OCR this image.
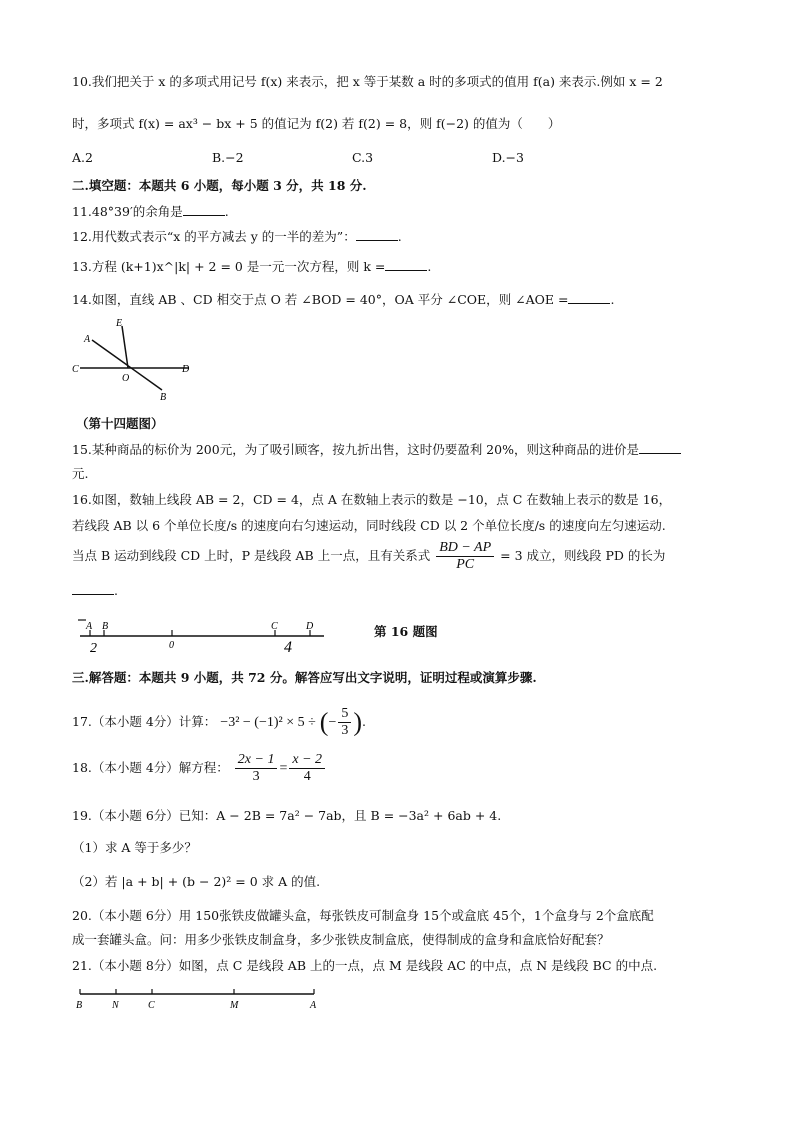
10.我们把关于 x 的多项式用记号 f(x) 来表示，把 x 等于某数 a 时的多项式的值用 f(a) 来表示.例如 x = 2
时，多项式 f(x) = ax³ − bx + 5 的值记为 f(2) 若 f(2) = 8，则 f(−2) 的值为（　　）
A.2	B.−2	C.3	D.−3
二.填空题：本题共 6 小题，每小题 3 分，共 18 分.
11.48°39′的余角是	.
12.用代数式表示“x 的平方减去 y 的一半的差为”：	.
13.方程 (k+1)x^|k| + 2 = 0 是一元一次方程，则 k =	.
14.如图，直线 AB 、CD 相交于点 O 若 ∠BOD = 40°，OA 平分 ∠COE，则 ∠AOE =	.
E
A
C
O
D
B
（第十四题图）
15.某种商品的标价为 200元，为了吸引顾客，按九折出售，这时仍要盈利 20%，则这种商品的进价是
元.
16.如图，数轴上线段 AB = 2，CD = 4，点 A 在数轴上表示的数是 −10，点 C 在数轴上表示的数是 16，
若线段 AB 以 6 个单位长度/s 的速度向右匀速运动，同时线段 CD 以 2 个单位长度/s 的速度向左匀速运动.
当点 B 运动到线段 CD 上时，P 是线段 AB 上一点，且有关系式 $\frac{BD - AP}{PC} = 3$ 成立，则线段 PD 的长为
.
A B
0
C	D
2	4
第 16 题图
三.解答题：本题共 9 小题，共 72 分。解答应写出文字说明，证明过程或演算步骤.
17.（本小题 4分）计算： −3² − (−1)² × 5 ÷ (− $\frac{5}{3}$ ).
18.（本小题 4分）解方程： $\frac{2x - 1}{3} = \frac{x - 2}{4}$
19.（本小题 6分）已知：A − 2B = 7a² − 7ab，且 B = −3a² + 6ab + 4.
（1）求 A 等于多少？
（2）若 |a + b| + (b − 2)² = 0 求 A 的值.
20.（本小题 6分）用 150张铁皮做罐头盒，每张铁皮可制盒身 15个或盒底 45个，1个盒身与 2个盒底配
成一套罐头盒。问：用多少张铁皮制盒身，多少张铁皮制盒底，使得制成的盒身和盒底恰好配套？
21.（本小题 8分）如图，点 C 是线段 AB 上的一点，点 M 是线段 AC 的中点，点 N 是线段 BC 的中点.
B	N	C	M	A
